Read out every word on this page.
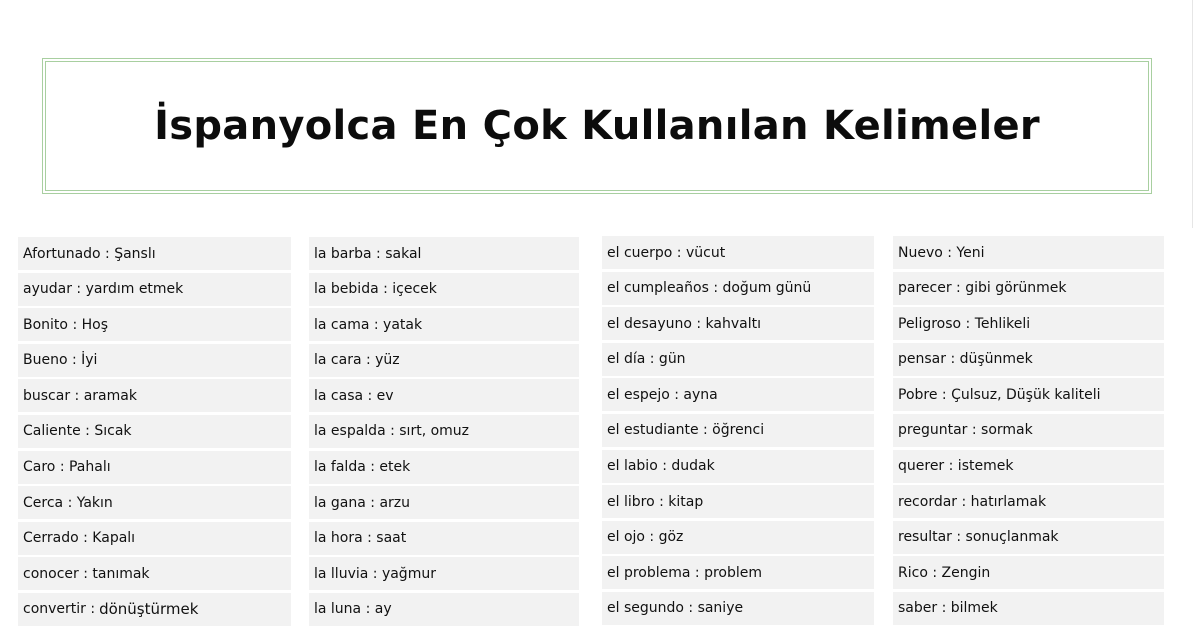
İspanyolca En Çok Kullanılan Kelimeler
Afortunado : Şanslı
ayudar : yardım etmek
Bonito : Hoş
Bueno : İyi
buscar : aramak
Caliente : Sıcak
Caro : Pahalı
Cerca : Yakın
Cerrado : Kapalı
conocer : tanımak
convertir : dönüştürmek
la barba : sakal
la bebida : içecek
la cama : yatak
la cara : yüz
la casa : ev
la espalda : sırt, omuz
la falda : etek
la gana : arzu
la hora : saat
la lluvia : yağmur
la luna : ay
el cuerpo : vücut
el cumpleaños : doğum günü
el desayuno : kahvaltı
el día : gün
el espejo : ayna
el estudiante : öğrenci
el labio : dudak
el libro : kitap
el ojo : göz
el problema : problem
el segundo : saniye
Nuevo : Yeni
parecer : gibi görünmek
Peligroso : Tehlikeli
pensar : düşünmek
Pobre : Çulsuz, Düşük kaliteli
preguntar : sormak
querer : istemek
recordar : hatırlamak
resultar : sonuçlanmak
Rico : Zengin
saber : bilmek
